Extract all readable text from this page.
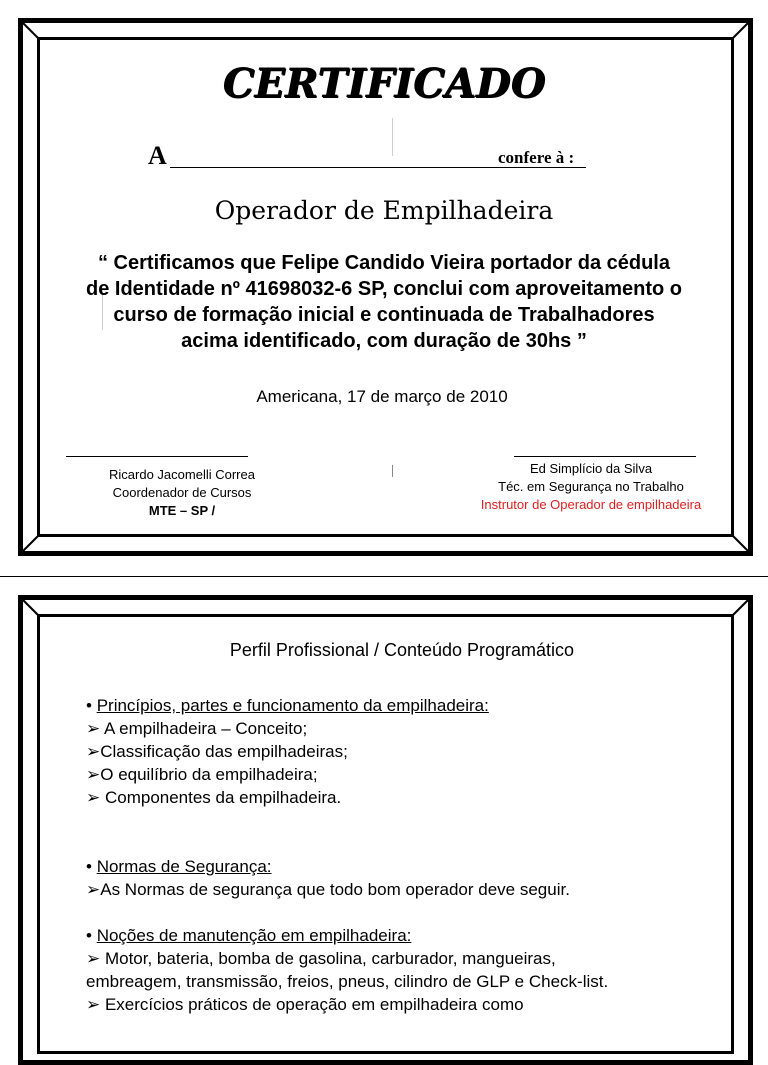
CERTIFICADO
A	confere à :
Operador de Empilhadeira
“ Certificamos que Felipe Candido Vieira portador da cédula
de Identidade nº 41698032-6 SP, conclui com aproveitamento o
curso de formação inicial e continuada de Trabalhadores
acima identificado, com duração de 30hs ”
Americana, 17 de março de 2010
Ricardo Jacomelli Correa
Coordenador de Cursos
MTE – SP /
Ed Simplício da Silva
Téc. em Segurança no Trabalho
Instrutor de Operador de empilhadeira
Perfil Profissional / Conteúdo Programático

• Princípios, partes e funcionamento da empilhadeira:

➢ A empilhadeira – Conceito;

➢Classificação das empilhadeiras;

➢O equilíbrio da empilhadeira;

➢ Componentes da empilhadeira.

• Normas de Segurança:

➢As Normas de segurança que todo bom operador deve seguir.

• Noções de manutenção em empilhadeira:

➢ Motor, bateria, bomba de gasolina, carburador, mangueiras,

embreagem, transmissão, freios, pneus, cilindro de GLP e Check-list.

➢ Exercícios práticos de operação em empilhadeira como
